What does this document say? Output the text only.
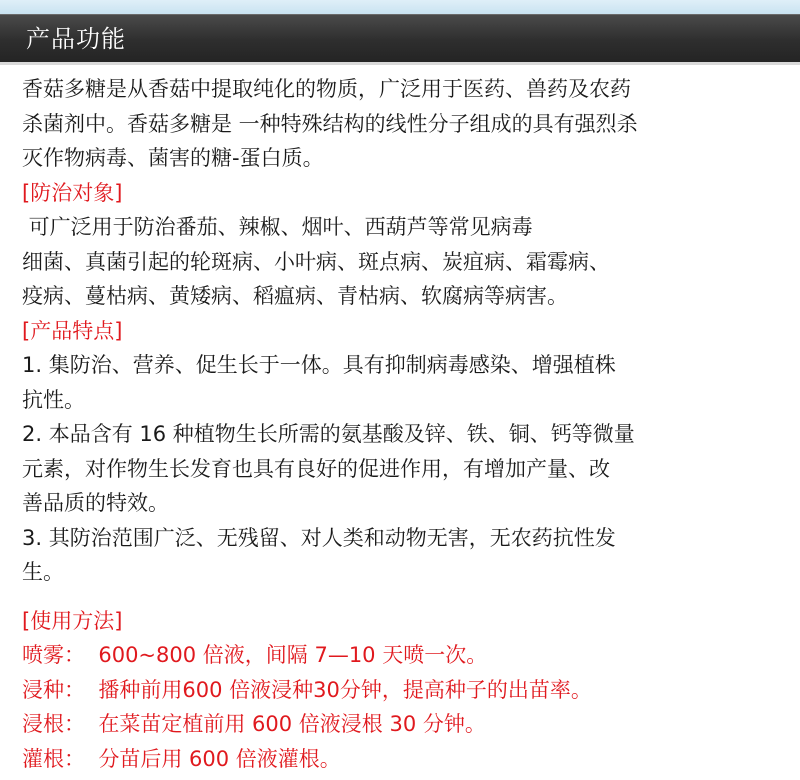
产品功能
香菇多糖是从香菇中提取纯化的物质，广泛用于医药、兽药及农药
杀菌剂中。香菇多糖是 一种特殊结构的线性分子组成的具有强烈杀
灭作物病毒、菌害的糖-蛋白质。
[防治对象]
可广泛用于防治番茄、辣椒、烟叶、西葫芦等常见病毒
细菌、真菌引起的轮斑病、小叶病、斑点病、炭疽病、霜霉病、
疫病、蔓枯病、黄矮病、稻瘟病、青枯病、软腐病等病害。
[产品特点]
1. 集防治、营养、促生长于一体。具有抑制病毒感染、增强植株
抗性。
2. 本品含有 16 种植物生长所需的氨基酸及锌、铁、铜、钙等微量
元素，对作物生长发育也具有良好的促进作用，有增加产量、改
善品质的特效。
3. 其防治范围广泛、无残留、对人类和动物无害，无农药抗性发
生。
[使用方法]
喷雾：  600~800 倍液，间隔 7—10 天喷一次。
浸种：  播种前用600 倍液浸种30分钟，提高种子的出苗率。
浸根：  在菜苗定植前用 600 倍液浸根 30 分钟。
灌根：  分苗后用 600 倍液灌根。
